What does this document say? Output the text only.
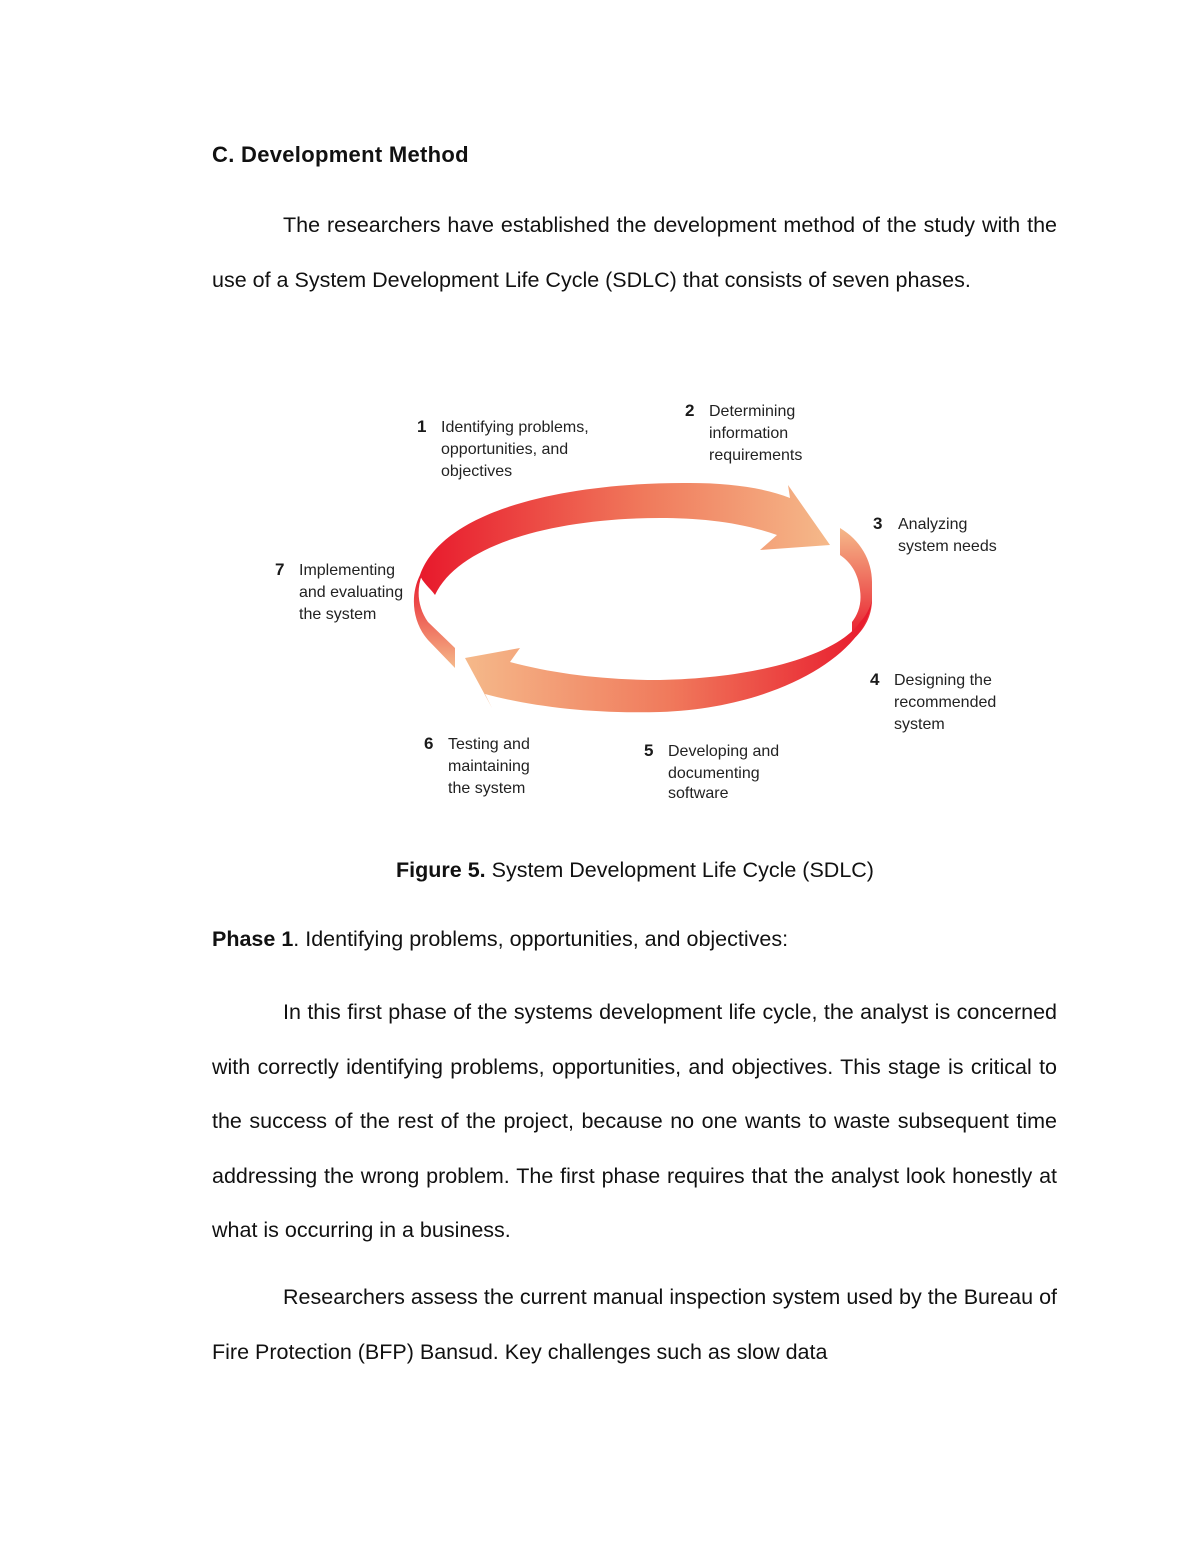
C. Development Method
The researchers have established the development method of the study with the use of a System Development Life Cycle (SDLC) that consists of seven phases.
1 Identifying problems,
opportunities, and
objectives
2 Determining
information
requirements
3 Analyzing
system needs
4 Designing the
recommended
system
5 Developing and
documenting
software
6 Testing and
maintaining
the system
7 Implementing
and evaluating
the system
Figure 5. System Development Life Cycle (SDLC)
Phase 1. Identifying problems, opportunities, and objectives:
In this first phase of the systems development life cycle, the analyst is concerned with correctly identifying problems, opportunities, and objectives. This stage is critical to the success of the rest of the project, because no one wants to waste subsequent time addressing the wrong problem. The first phase requires that the analyst look honestly at what is occurring in a business.
Researchers assess the current manual inspection system used by the Bureau of Fire Protection (BFP) Bansud. Key challenges such as slow data
